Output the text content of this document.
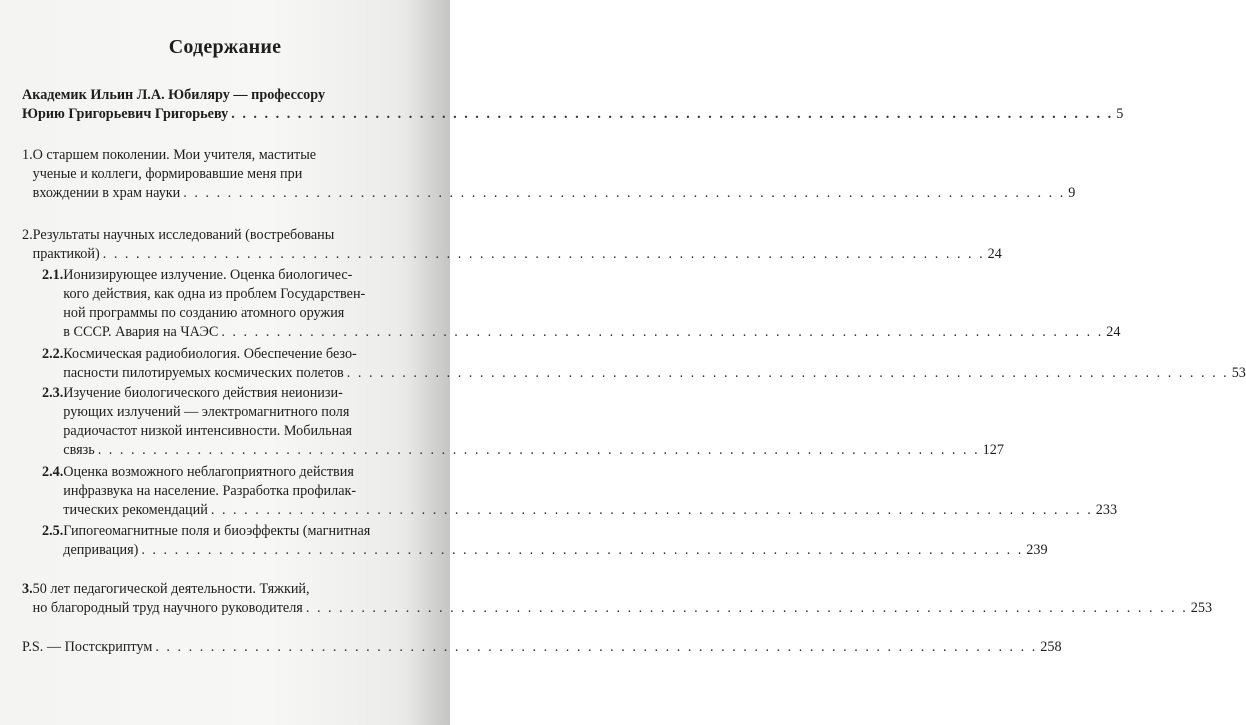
Содержание
Академик Ильин Л.А. Юбиляру — профессору
Юрию Григорьевич Григорьеву . . .	5
1. О старшем поколении. Мои учителя, маститые
ученые и коллеги, формировавшие меня при
вхождении в храм науки . . .	9
2. Результаты научных исследований (востребованы
практикой) . . .	24
2.1. Ионизирующее излучение. Оценка биологичес-
кого действия, как одна из проблем Государствен-
ной программы по созданию атомного оружия
в СССР. Авария на ЧАЭС . . .	24
2.2. Космическая радиобиология. Обеспечение безо-
пасности пилотируемых космических полетов . . .	53
2.3. Изучение биологического действия неионизи-
рующих излучений — электромагнитного поля
радиочастот низкой интенсивности. Мобильная
связь . . .	127
2.4. Оценка возможного неблагоприятного действия
инфразвука на население. Разработка профилак-
тических рекомендаций . . .	233
2.5. Гипогеомагнитные поля и биоэффекты (магнитная
депривация) . . .	239
3. 50 лет педагогической деятельности. Тяжкий,
но благородный труд научного руководителя . . .	253
P.S. — Постскриптум . . .	258
